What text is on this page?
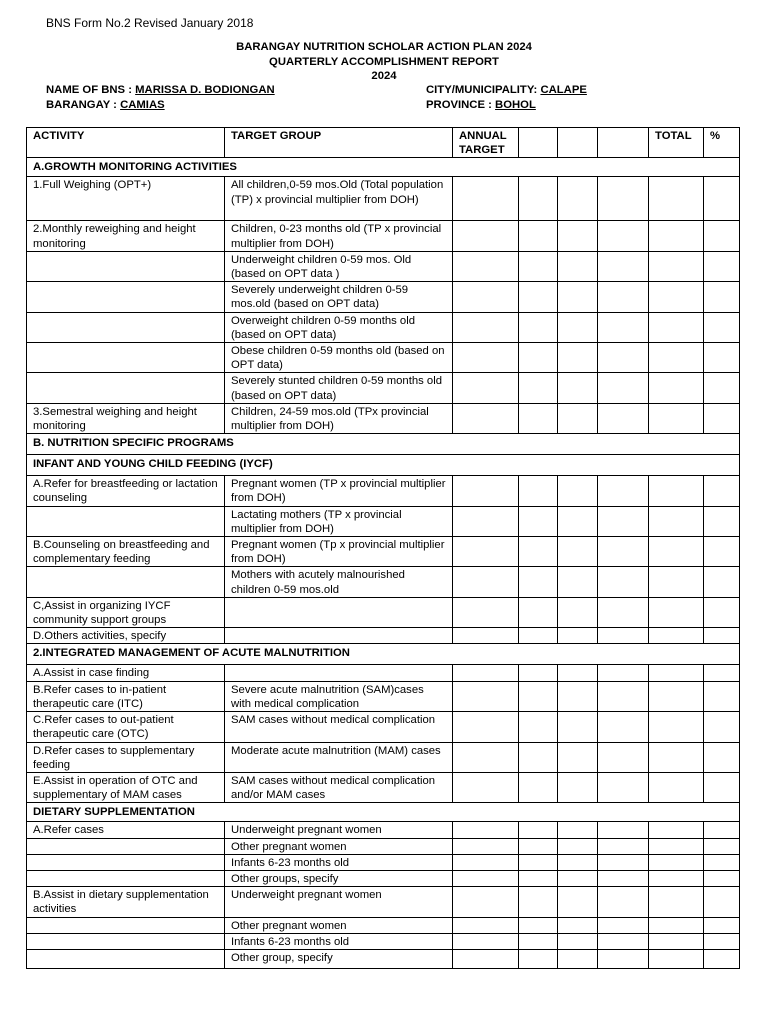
BNS Form No.2 Revised January 2018
BARANGAY NUTRITION SCHOLAR ACTION PLAN 2024
QUARTERLY ACCOMPLISHMENT REPORT
2024
NAME OF BNS : MARISSA D. BODIONGAN
BARANGAY : CAMIAS
CITY/MUNICIPALITY: CALAPE
PROVINCE : BOHOL
ACTIVITY	TARGET GROUP	ANNUAL TARGET				TOTAL	%
A.GROWTH MONITORING ACTIVITIES							
1.Full Weighing (OPT+)	All children,0-59 mos.Old (Total population (TP) x provincial multiplier from DOH)						
2.Monthly reweighing and height monitoring	Children, 0-23 months old (TP x provincial multiplier from DOH)						
	Underweight children 0-59 mos. Old (based on OPT data )						
	Severely underweight children 0-59 mos.old (based on OPT data)						
	Overweight children 0-59 months old (based on OPT data)						
	Obese children 0-59 months old (based on OPT data)						
	Severely stunted children 0-59 months old (based on OPT data)						
3.Semestral weighing and height monitoring	Children, 24-59 mos.old (TPx provincial multiplier from DOH)						
B. NUTRITION SPECIFIC PROGRAMS							
INFANT AND YOUNG CHILD FEEDING (IYCF)							
A.Refer for breastfeeding or lactation counseling	Pregnant women (TP x provincial multiplier from DOH)						
	Lactating mothers (TP x provincial multiplier from DOH)						
B.Counseling on breastfeeding and complementary feeding	Pregnant women (Tp x provincial multiplier from DOH)						
	Mothers with acutely malnourished children 0-59 mos.old						
C,Assist in organizing IYCF community support groups							
D.Others activities, specify							
2.INTEGRATED MANAGEMENT OF ACUTE MALNUTRITION							
A.Assist in case finding							
B.Refer cases to in-patient therapeutic care (ITC)	Severe acute malnutrition (SAM)cases with medical complication						
C.Refer cases to out-patient therapeutic care (OTC)	SAM cases without medical complication						
D.Refer cases to supplementary feeding	Moderate acute malnutrition (MAM) cases						
E.Assist in operation of OTC and supplementary of MAM cases	SAM cases without medical complication and/or MAM cases						
DIETARY SUPPLEMENTATION							
A.Refer cases	Underweight pregnant women						
	Other pregnant women						
	Infants 6-23 months old						
	Other groups, specify						
B.Assist in dietary supplementation activities	Underweight pregnant women						
	Other pregnant women						
	Infants 6-23 months old						
	Other group, specify						
